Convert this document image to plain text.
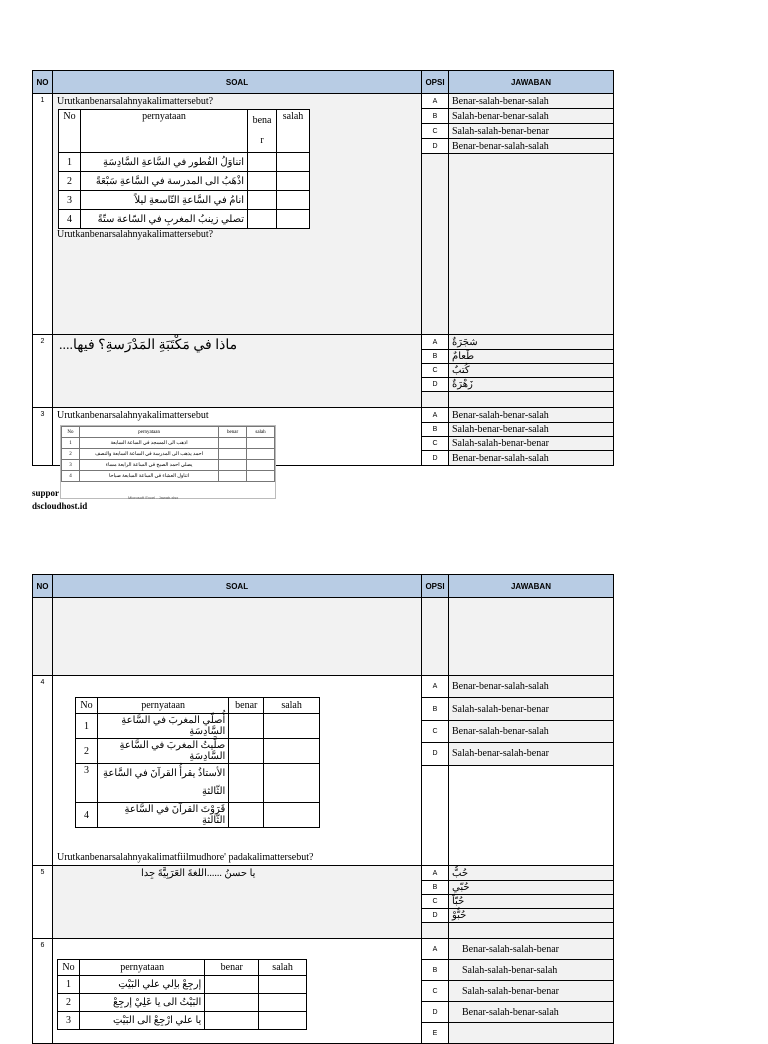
NO	SOAL	OPSI	JAWABAN
1	Urutkanbenarsalahnyakalimattersebut?
No	pernyataan	bena r	salah
1	اتناوَلُ الفُطور في السَّاعةِ السَّادِسَةِ		
2	اذْهَبُ الى المدرسة في السَّاعةِ سَبْعَةً		
3	انامُ في السَّاعةِ التّاسعةِ ليلاً		
4	تصلي زينبُ المغربِ في السّاعة ستّةً		
Urutkanbenarsalahnyakalimattersebut?
	A	Benar-salah-benar-salah
B	Salah-benar-benar-salah
C	Salah-salah-benar-benar
D	Benar-benar-salah-salah

2	ماذا في مَكْتَبَةِ المَدْرَسةِ؟ فيها....	A	شجَرَةٌ
B	طَعامٌ
C	كُتبٌ
D	زَهْرَةٌ

3	Urutkanbenarsalahnyakalimattersebut	A	Benar-salah-benar-salah
B	Salah-benar-benar-salah
C	Salah-salah-benar-benar
D	Benar-benar-salah-salah
No	pernyataan	benar	salah
1	اذهب الى المسجد في الساعة السابعة		
2	احمد يذهب الى المدرسة في الساعة السابعة والنصف		
3	يصلي احمد الصبح في الساعة الرابعة مساء		
4	اتناول العشاء في الساعة السابعة صباحا		
Microsoft Excel - Jawab.xlsx
suppor
dscloudhost.id
NO	SOAL	OPSI	JAWABAN

4	
No	pernyataan	benar	salah
1	أُصلّي المغربَ في السَّاعةِ السَّادِسَةِ		
2	صلَّيتُ المغربَ في السَّاعةِ السَّادِسَةِ		
3	الأستاذُ يقرأُ القرآنَ في السَّاعةِ الثّالثةِ		
4	قَرَوْتَ القرآنَ في السَّاعةِ الثّالثةِ		
Urutkanbenarsalahnyakalimatfiilmudhore' padakalimattersebut?
	A	Benar-benar-salah-salah
B	Salah-salah-benar-benar
C	Benar-salah-benar-salah
D	Salah-benar-salah-benar

5	يا حسنُ ......اللغةَ العَرَبِيَّةَ جِدا	A	حُبٌّ
B	حُبّي
C	حُبّاً
D	حُبُّوْ

6	
No	pernyataan	benar	salah
1	إرجِعْ باِلي علي البَيْتِ		
2	البَيْتُ الى يا عَلِيْ إرجِعْ		
3	يا علي ارْجِعْ الى البَيْتِ		
	A	Benar-salah-salah-benar
B	Salah-salah-benar-salah
C	Salah-salah-benar-benar
D	Benar-salah-benar-salah
E	
